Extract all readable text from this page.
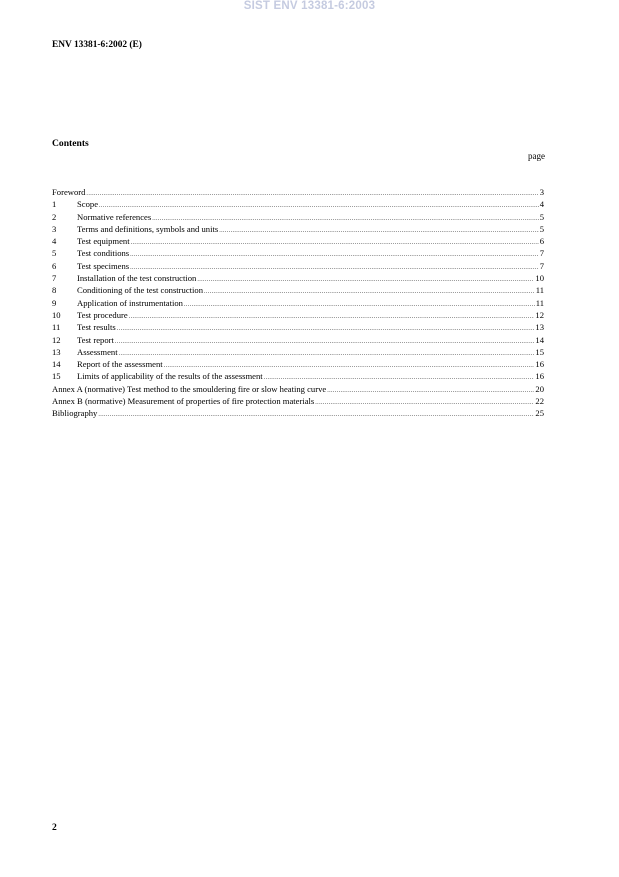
SIST ENV 13381-6:2003
ENV 13381-6:2002 (E)
Contents
page
Foreword .....	3
1	Scope .....	4
2	Normative references .....	5
3	Terms and definitions, symbols and units .....	5
4	Test equipment .....	6
5	Test conditions .....	7
6	Test specimens .....	7
7	Installation of the test construction .....	10
8	Conditioning of the test construction .....	11
9	Application of instrumentation .....	11
10	Test procedure .....	12
11	Test results .....	13
12	Test report .....	14
13	Assessment .....	15
14	Report of the assessment .....	16
15	Limits of applicability of the results of the assessment .....	16
Annex A (normative) Test method to the smouldering fire or slow heating curve .....	20
Annex B (normative) Measurement of properties of fire protection materials .....	22
Bibliography .....	25
2
